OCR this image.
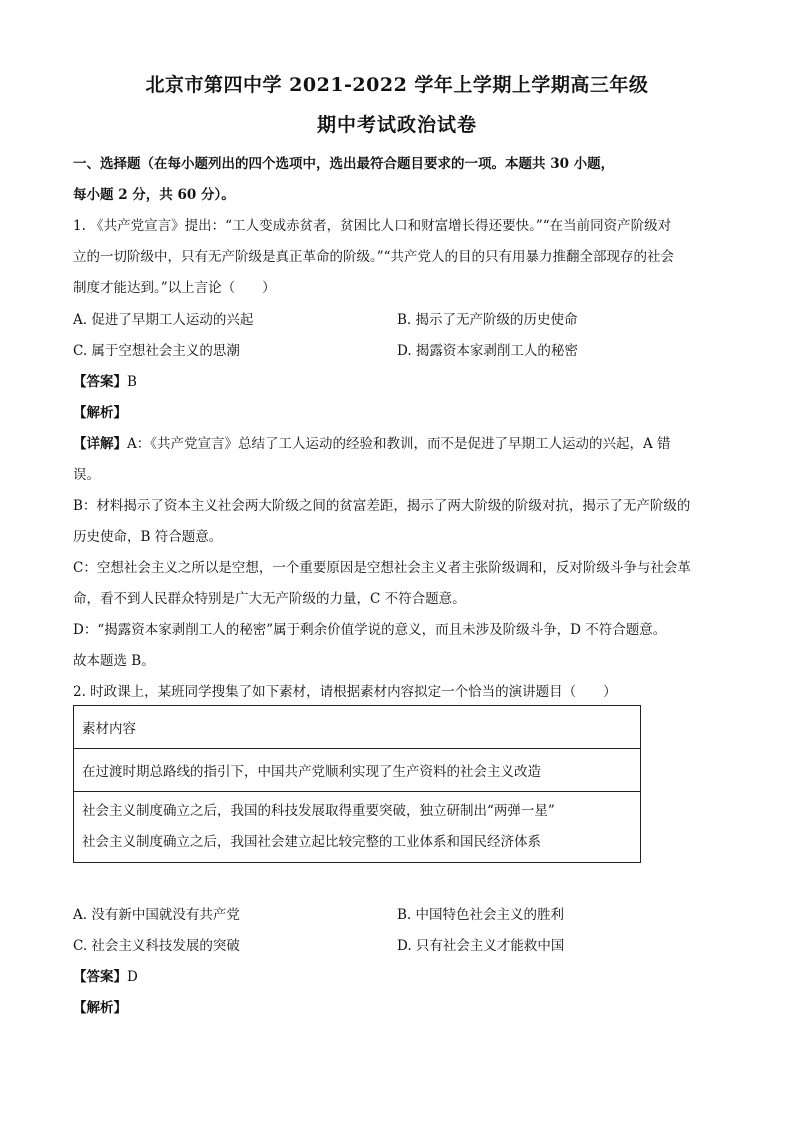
北京市第四中学 2021-2022 学年上学期上学期高三年级
期中考试政治试卷
一、选择题（在每小题列出的四个选项中，选出最符合题目要求的一项。本题共 30 小题，
每小题 2 分，共 60 分）。
1. 《共产党宣言》提出：“工人变成赤贫者，贫困比人口和财富增长得还要快。”“在当前同资产阶级对
立的一切阶级中，只有无产阶级是真正革命的阶级。”“共产党人的目的只有用暴力推翻全部现存的社会
制度才能达到。”以上言论（　　）
A. 促进了早期工人运动的兴起	B. 揭示了无产阶级的历史使命
C. 属于空想社会主义的思潮	D. 揭露资本家剥削工人的秘密
【答案】B
【解析】
【详解】A：《共产党宣言》总结了工人运动的经验和教训，而不是促进了早期工人运动的兴起，A 错
误。
B：材料揭示了资本主义社会两大阶级之间的贫富差距，揭示了两大阶级的阶级对抗，揭示了无产阶级的
历史使命，B 符合题意。
C：空想社会主义之所以是空想，一个重要原因是空想社会主义者主张阶级调和，反对阶级斗争与社会革
命，看不到人民群众特别是广大无产阶级的力量，C 不符合题意。
D：“揭露资本家剥削工人的秘密”属于剩余价值学说的意义，而且未涉及阶级斗争，D 不符合题意。
故本题选 B。
2. 时政课上，某班同学搜集了如下素材，请根据素材内容拟定一个恰当的演讲题目（　　）
素材内容
在过渡时期总路线的指引下，中国共产党顺利实现了生产资料的社会主义改造

社会主义制度确立之后，我国的科技发展取得重要突破，独立研制出“两弹一星”
社会主义制度确立之后，我国社会建立起比较完整的工业体系和国民经济体系
A. 没有新中国就没有共产党	B. 中国特色社会主义的胜利
C. 社会主义科技发展的突破	D. 只有社会主义才能救中国
【答案】D
【解析】
